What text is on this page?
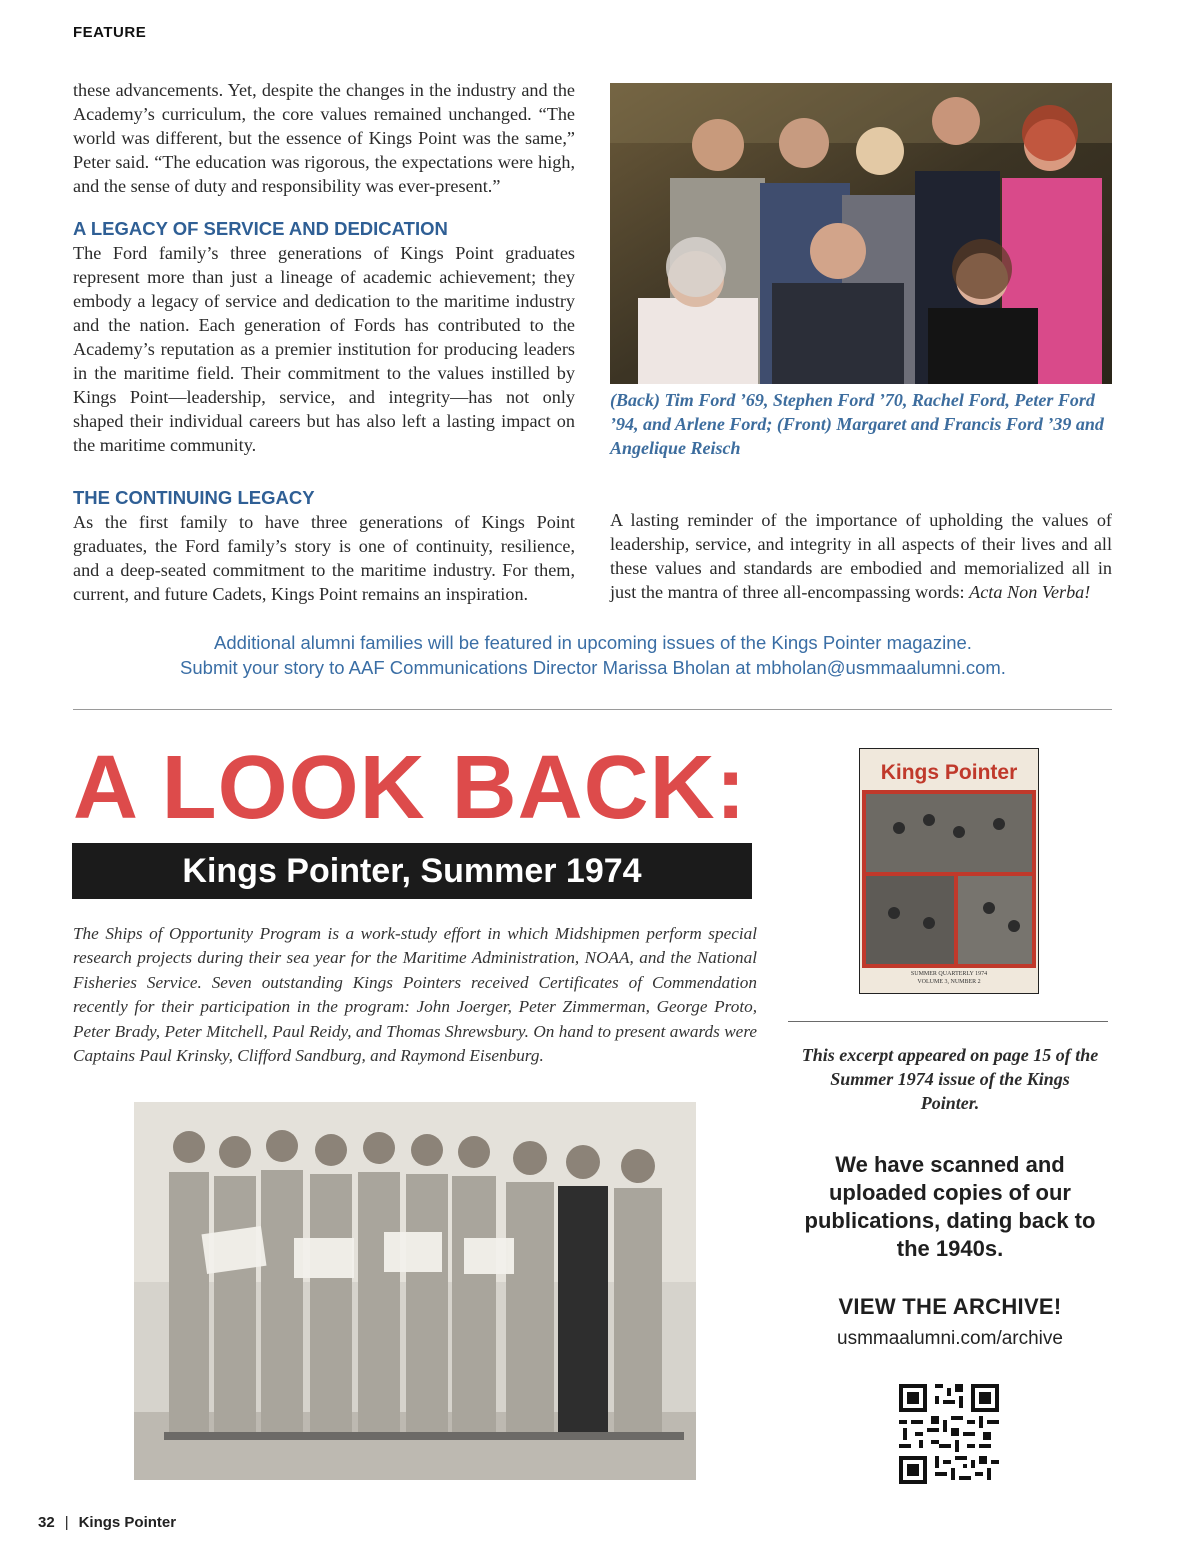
FEATURE

these advancements. Yet, despite the changes in the industry and the Academy’s curriculum, the core values remained unchanged. “The world was different, but the essence of Kings Point was the same,” Peter said. “The education was rigorous, the expectations were high, and the sense of duty and responsibility was ever-present.”

A LEGACY OF SERVICE AND DEDICATION

The Ford family’s three generations of Kings Point graduates represent more than just a lineage of academic achievement; they embody a legacy of service and dedication to the maritime industry and the nation. Each generation of Fords has contributed to the Academy’s reputation as a premier institution for producing leaders in the maritime field. Their commitment to the values instilled by Kings Point—leadership, service, and integrity—has not only shaped their individual careers but has also left a lasting impact on the maritime community.

THE CONTINUING LEGACY

As the first family to have three generations of Kings Point graduates, the Ford family’s story is one of continuity, resilience, and a deep-seated commitment to the maritime industry. For them, current, and future Cadets, Kings Point remains an inspiration.

(Back) Tim Ford ’69, Stephen Ford ’70, Rachel Ford, Peter Ford ’94, and Arlene Ford; (Front) Margaret and Francis Ford ’39 and Angelique Reisch

A lasting reminder of the importance of upholding the values of leadership, service, and integrity in all aspects of their lives and all these values and standards are embodied and memorialized all in just the mantra of three all-encompassing words: Acta Non Verba!

Additional alumni families will be featured in upcoming issues of the Kings Pointer magazine.
Submit your story to AAF Communications Director Marissa Bholan at mbholan@usmmaalumni.com.
A LOOK BACK:
Kings Pointer, Summer 1974
The Ships of Opportunity Program is a work-study effort in which Midshipmen perform special research projects during their sea year for the Maritime Administration, NOAA, and the National Fisheries Service. Seven outstanding Kings Pointers received Certificates of Commendation recently for their participation in the program: John Joerger, Peter Zimmerman, George Proto, Peter Brady, Peter Mitchell, Paul Reidy, and Thomas Shrewsbury. On hand to present awards were Captains Paul Krinsky, Clifford Sandburg, and Raymond Eisenburg.
Kings Pointer
SUMMER QUARTERLY 1974
VOLUME 3, NUMBER 2
This excerpt appeared on page 15 of the Summer 1974 issue of the Kings Pointer.
We have scanned and uploaded copies of our publications, dating back to the 1940s.
VIEW THE ARCHIVE!
usmmaalumni.com/archive
32 | Kings Pointer
